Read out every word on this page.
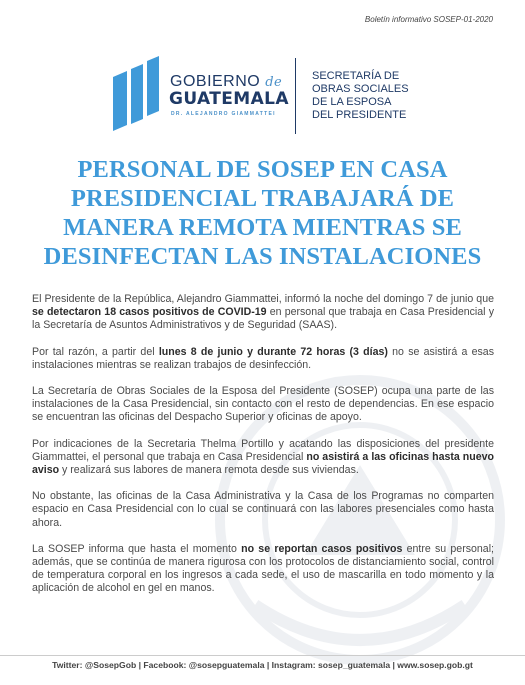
Boletín informativo SOSEP-01-2020
GOBIERNO de
GUATEMALA
DR. ALEJANDRO GIAMMATTEI
SECRETARÍA DE
OBRAS SOCIALES
DE LA ESPOSA
DEL PRESIDENTE
PERSONAL DE SOSEP EN CASA PRESIDENCIAL TRABAJARÁ DE MANERA REMOTA MIENTRAS SE DESINFECTAN LAS INSTALACIONES

El Presidente de la República, Alejandro Giammattei, informó la noche del domingo 7 de junio que se detectaron 18 casos positivos de COVID-19 en personal que trabaja en Casa Presidencial y la Secretaría de Asuntos Administrativos y de Seguridad (SAAS).

Por tal razón, a partir del lunes 8 de junio y durante 72 horas (3 días) no se asistirá a esas instalaciones mientras se realizan trabajos de desinfección.

La Secretaría de Obras Sociales de la Esposa del Presidente (SOSEP) ocupa una parte de las instalaciones de la Casa Presidencial, sin contacto con el resto de dependencias. En ese espacio se encuentran las oficinas del Despacho Superior y oficinas de apoyo.

Por indicaciones de la Secretaria Thelma Portillo y acatando las disposiciones del presidente Giammattei, el personal que trabaja en Casa Presidencial no asistirá a las oficinas hasta nuevo aviso y realizará sus labores de manera remota desde sus viviendas.

No obstante, las oficinas de la Casa Administrativa y la Casa de los Programas no comparten espacio en Casa Presidencial con lo cual se continuará con las labores presenciales como hasta ahora.

La SOSEP informa que hasta el momento no se reportan casos positivos entre su personal; además, que se continúa de manera rigurosa con los protocolos de distanciamiento social, control de temperatura corporal en los ingresos a cada sede, el uso de mascarilla en todo momento y la aplicación de alcohol en gel en manos.

Twitter: @SosepGob | Facebook: @sosepguatemala | Instagram: sosep_guatemala | www.sosep.gob.gt
